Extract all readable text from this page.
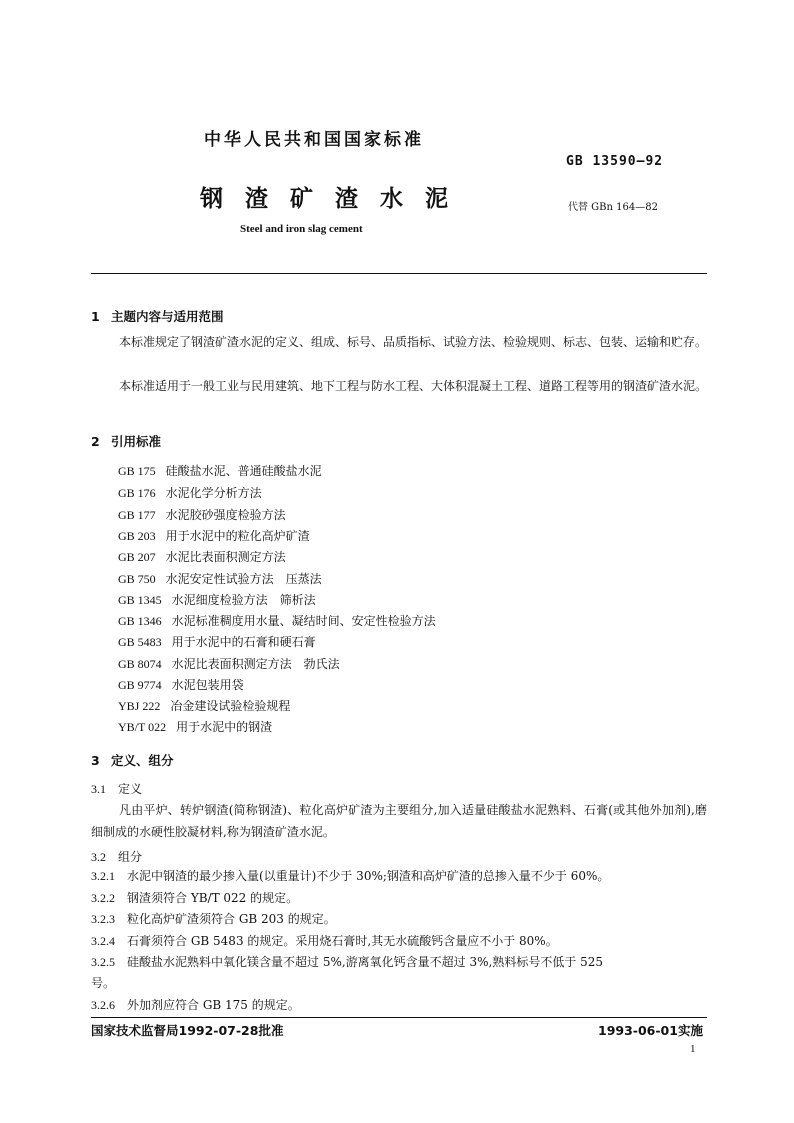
中华人民共和国国家标准
GB 13590—92
钢渣矿渣水泥	代替 GBn 164—82
Steel and iron slag cement
1 主题内容与适用范围
本标准规定了钢渣矿渣水泥的定义、组成、标号、品质指标、试验方法、检验规则、标志、包装、运输和贮存。
本标准适用于一般工业与民用建筑、地下工程与防水工程、大体积混凝土工程、道路工程等用的钢渣矿渣水泥。
2 引用标准
GB 175 硅酸盐水泥、普通硅酸盐水泥
GB 176 水泥化学分析方法
GB 177 水泥胶砂强度检验方法
GB 203 用于水泥中的粒化高炉矿渣
GB 207 水泥比表面积测定方法
GB 750 水泥安定性试验方法　压蒸法
GB 1345 水泥细度检验方法　筛析法
GB 1346 水泥标准稠度用水量、凝结时间、安定性检验方法
GB 5483 用于水泥中的石膏和硬石膏
GB 8074 水泥比表面积测定方法　勃氏法
GB 9774 水泥包装用袋
YBJ 222 冶金建设试验检验规程
YB/T 022 用于水泥中的钢渣
3 定义、组分
3.1 定义
凡由平炉、转炉钢渣(简称钢渣)、粒化高炉矿渣为主要组分,加入适量硅酸盐水泥熟料、石膏(或其他外加剂),磨细制成的水硬性胶凝材料,称为钢渣矿渣水泥。
3.2 组分
3.2.1 水泥中钢渣的最少掺入量(以重量计)不少于 30%;钢渣和高炉矿渣的总掺入量不少于 60%。
3.2.2 钢渣须符合 YB/T 022 的规定。
3.2.3 粒化高炉矿渣须符合 GB 203 的规定。
3.2.4 石膏须符合 GB 5483 的规定。采用烧石膏时,其无水硫酸钙含量应不小于 80%。
3.2.5 硅酸盐水泥熟料中氧化镁含量不超过 5%,游离氧化钙含量不超过 3%,熟料标号不低于 525
号。
3.2.6 外加剂应符合 GB 175 的规定。
国家技术监督局1992-07-28批准	1993-06-01实施
1
